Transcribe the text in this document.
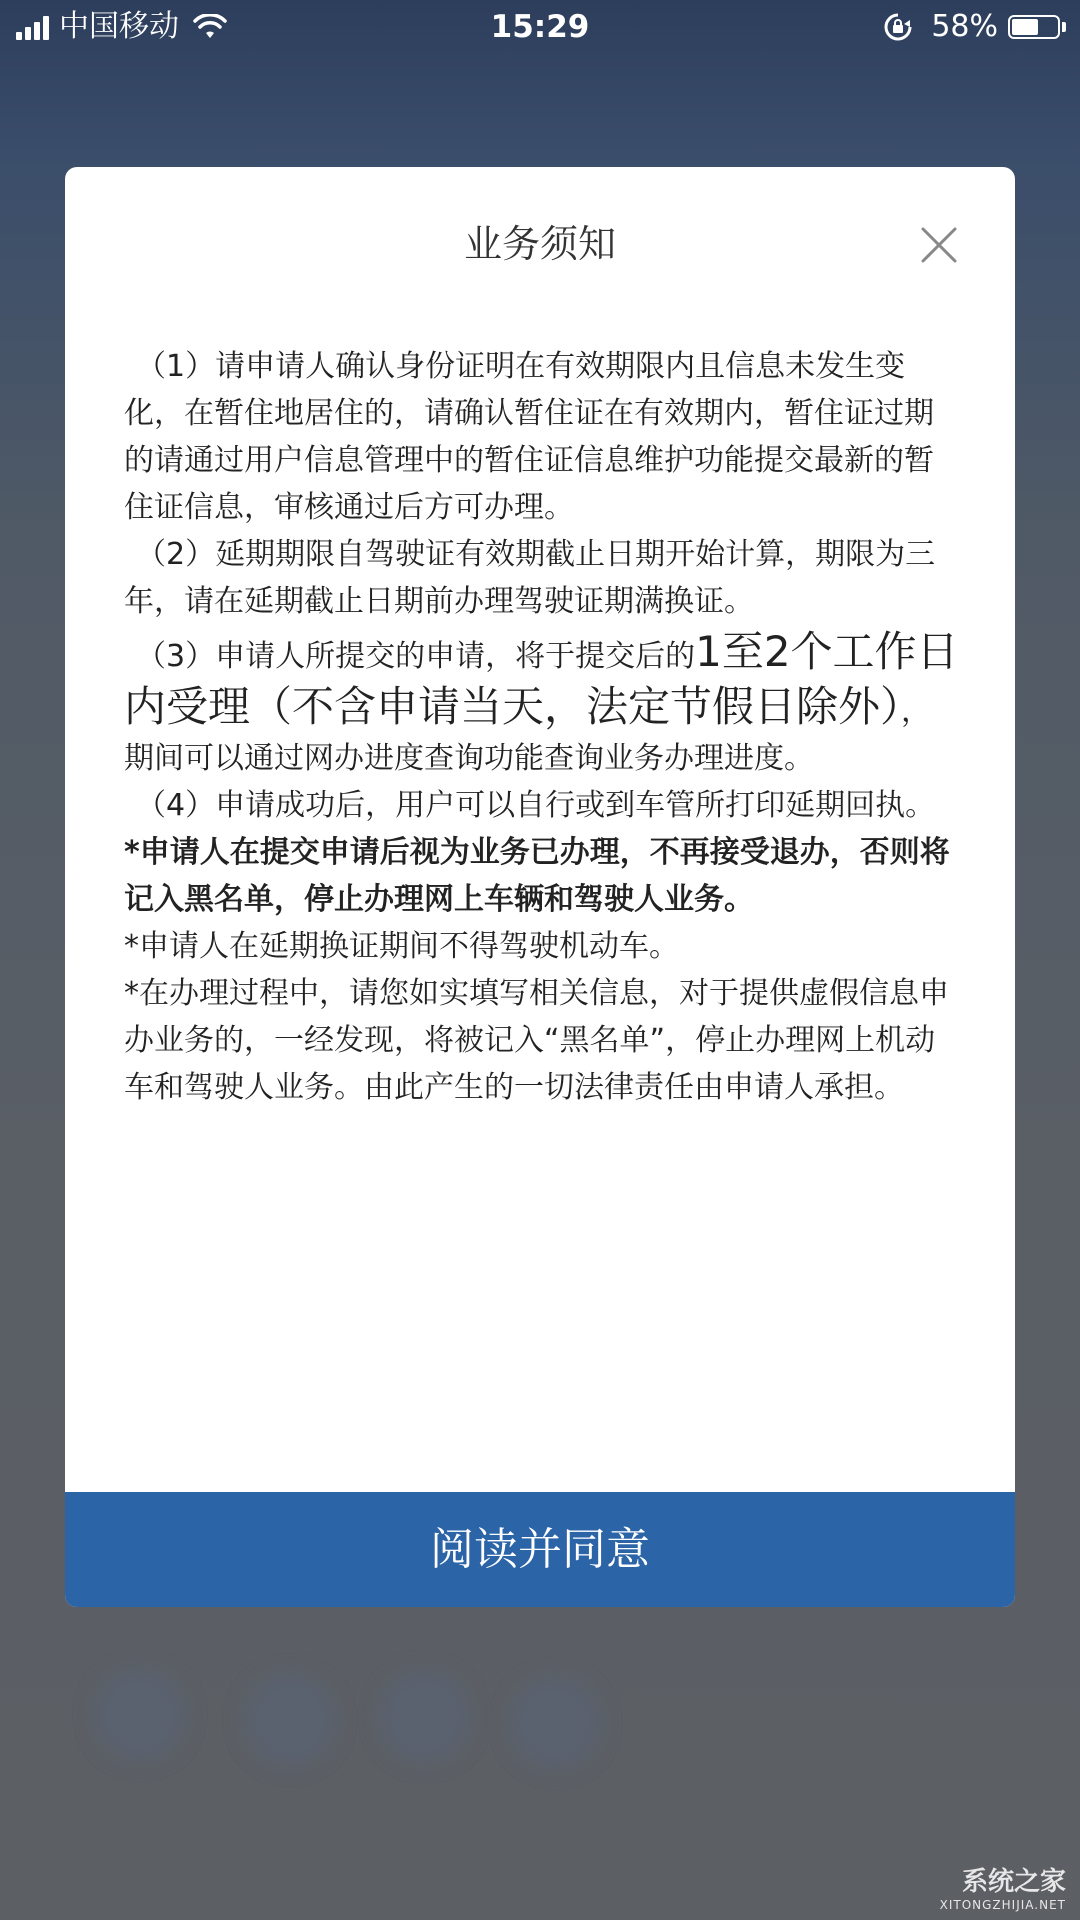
中国移动	15:29	58%
业务须知

（1）请申请人确认身份证明在有效期限内且信息未发生变化，在暂住地居住的，请确认暂住证在有效期内，暂住证过期的请通过用户信息管理中的暂住证信息维护功能提交最新的暂住证信息，审核通过后方可办理。

（2）延期期限自驾驶证有效期截止日期开始计算，期限为三年，请在延期截止日期前办理驾驶证期满换证。

（3）申请人所提交的申请，将于提交后的1至2个工作日内受理（不含申请当天，法定节假日除外），期间可以通过网办进度查询功能查询业务办理进度。

（4）申请成功后，用户可以自行或到车管所打印延期回执。

*申请人在提交申请后视为业务已办理，不再接受退办，否则将记入黑名单，停止办理网上车辆和驾驶人业务。

*申请人在延期换证期间不得驾驶机动车。

*在办理过程中，请您如实填写相关信息，对于提供虚假信息申办业务的，一经发现，将被记入“黑名单”，停止办理网上机动车和驾驶人业务。由此产生的一切法律责任由申请人承担。

阅读并同意
系统之家
XITONGZHIJIA.NET
